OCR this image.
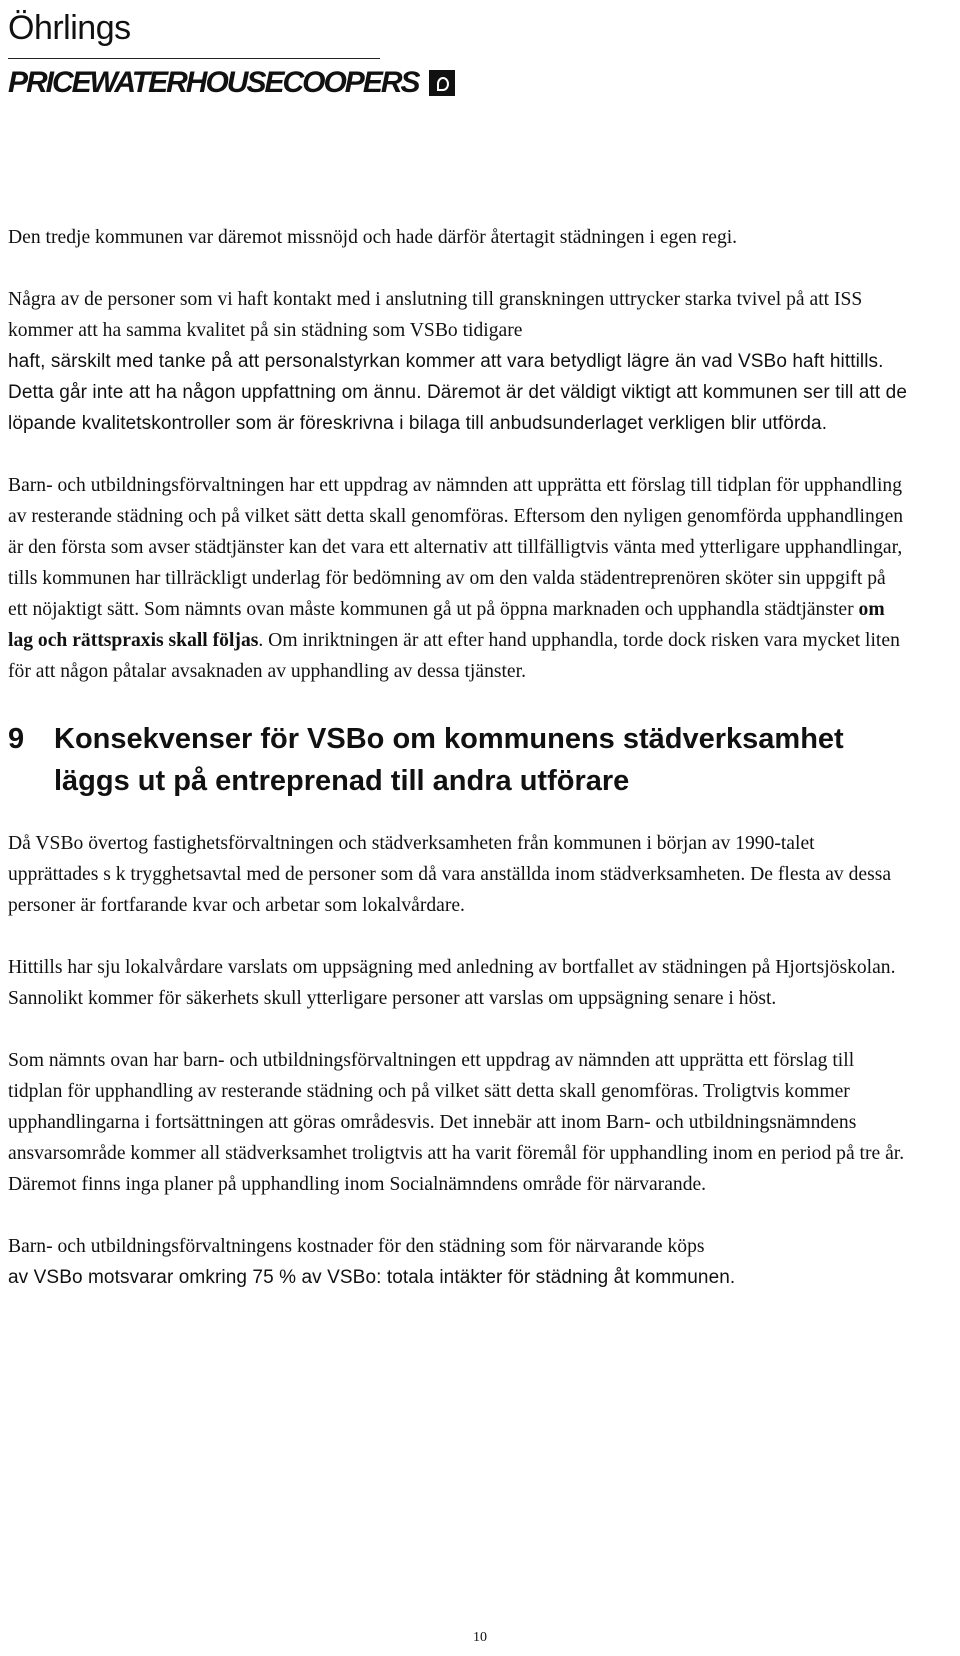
Öhrlings
PRICEWATERHOUSECOOPERS

Den tredje kommunen var däremot missnöjd och hade därför återtagit städningen i egen regi.

Några av de personer som vi haft kontakt med i anslutning till granskningen uttrycker starka tvivel på att ISS kommer att ha samma kvalitet på sin städning som VSBo tidigare

haft, särskilt med tanke på att personalstyrkan kommer att vara betydligt lägre än vad VSBo haft hittills. Detta går inte att ha någon uppfattning om ännu. Däremot är det väldigt viktigt att kommunen ser till att de löpande kvalitetskontroller som är föreskrivna i bilaga till anbudsunderlaget verkligen blir utförda.

Barn- och utbildningsförvaltningen har ett uppdrag av nämnden att upprätta ett förslag till tidplan för upphandling av resterande städning och på vilket sätt detta skall genomföras. Eftersom den nyligen genomförda upphandlingen är den första som avser städtjänster kan det vara ett alternativ att tillfälligtvis vänta med ytterligare upphandlingar, tills kommunen har tillräckligt underlag för bedömning av om den valda städentreprenören sköter sin uppgift på ett nöjaktigt sätt. Som nämnts ovan måste kommunen gå ut på öppna marknaden och upphandla städtjänster om lag och rättspraxis skall följas. Om inriktningen är att efter hand upphandla, torde dock risken vara mycket liten för att någon påtalar avsaknaden av upphandling av dessa tjänster.

9	Konsekvenser för VSBo om kommunens städverksamhet läggs ut på entreprenad till andra utförare

Då VSBo övertog fastighetsförvaltningen och städverksamheten från kommunen i början av 1990-talet upprättades s k trygghetsavtal med de personer som då vara anställda inom städverksamheten. De flesta av dessa personer är fortfarande kvar och arbetar som lokalvårdare.

Hittills har sju lokalvårdare varslats om uppsägning med anledning av bortfallet av städningen på Hjortsjöskolan. Sannolikt kommer för säkerhets skull ytterligare personer att varslas om uppsägning senare i höst.

Som nämnts ovan har barn- och utbildningsförvaltningen ett uppdrag av nämnden att upprätta ett förslag till tidplan för upphandling av resterande städning och på vilket sätt detta skall genomföras. Troligtvis kommer upphandlingarna i fortsättningen att göras områdesvis. Det innebär att inom Barn- och utbildningsnämndens ansvarsområde kommer all städverksamhet troligtvis att ha varit föremål för upphandling inom en period på tre år. Däremot finns inga planer på upphandling inom Socialnämndens område för närvarande.

Barn- och utbildningsförvaltningens kostnader för den städning som för närvarande köps

av VSBo motsvarar omkring 75 % av VSBo: totala intäkter för städning åt kommunen.

10
